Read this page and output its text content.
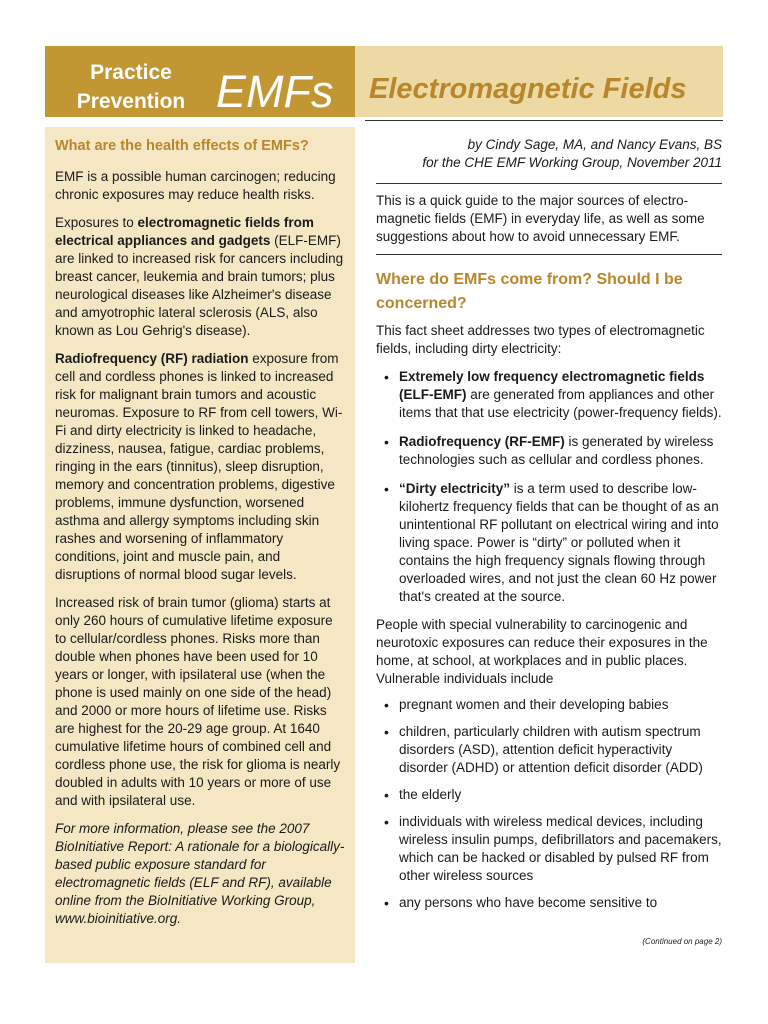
Practice
Prevention EMFs Electromagnetic Fields
What are the health effects of EMFs?

EMF is a possible human carcinogen; reducing chronic exposures may reduce health risks.

Exposures to electromagnetic fields from electrical appliances and gadgets (ELF-EMF) are linked to increased risk for cancers including breast cancer, leukemia and brain tumors; plus neurological diseases like Alzheimer's disease and amyotrophic lateral sclerosis (ALS, also known as Lou Gehrig's disease).

Radiofrequency (RF) radiation exposure from cell and cordless phones is linked to increased risk for malignant brain tumors and acoustic neuromas. Exposure to RF from cell towers, Wi-Fi and dirty electricity is linked to headache, dizziness, nausea, fatigue, cardiac problems, ringing in the ears (tinnitus), sleep disruption, memory and concentration problems, digestive problems, immune dysfunction, worsened asthma and allergy symptoms including skin rashes and worsening of inflammatory conditions, joint and muscle pain, and disruptions of normal blood sugar levels.

Increased risk of brain tumor (glioma) starts at only 260 hours of cumulative lifetime exposure to cellular/cordless phones. Risks more than double when phones have been used for 10 years or longer, with ipsilateral use (when the phone is used mainly on one side of the head) and 2000 or more hours of lifetime use. Risks are highest for the 20-29 age group. At 1640 cumulative lifetime hours of combined cell and cordless phone use, the risk for glioma is nearly doubled in adults with 10 years or more of use and with ipsilateral use.

For more information, please see the 2007 BioInitiative Report: A rationale for a biologically-based public exposure standard for electromagnetic fields (ELF and RF), available online from the BioInitiative Working Group, www.bioinitiative.org.

by Cindy Sage, MA, and Nancy Evans, BS
for the CHE EMF Working Group, November 2011

This is a quick guide to the major sources of electro-magnetic fields (EMF) in everyday life, as well as some suggestions about how to avoid unnecessary EMF.

Where do EMFs come from? Should I be concerned?

This fact sheet addresses two types of electromagnetic fields, including dirty electricity:

• Extremely low frequency electromagnetic fields (ELF-EMF) are generated from appliances and other items that that use electricity (power-frequency fields).
• Radiofrequency (RF-EMF) is generated by wireless technologies such as cellular and cordless phones.
• “Dirty electricity” is a term used to describe low-kilohertz frequency fields that can be thought of as an unintentional RF pollutant on electrical wiring and into living space. Power is “dirty” or polluted when it contains the high frequency signals flowing through overloaded wires, and not just the clean 60 Hz power that's created at the source.

People with special vulnerability to carcinogenic and neurotoxic exposures can reduce their exposures in the home, at school, at workplaces and in public places. Vulnerable individuals include

• pregnant women and their developing babies
• children, particularly children with autism spectrum disorders (ASD), attention deficit hyperactivity disorder (ADHD) or attention deficit disorder (ADD)
• the elderly
• individuals with wireless medical devices, including wireless insulin pumps, defibrillators and pacemakers, which can be hacked or disabled by pulsed RF from other wireless sources
• any persons who have become sensitive to
(Continued on page 2)
